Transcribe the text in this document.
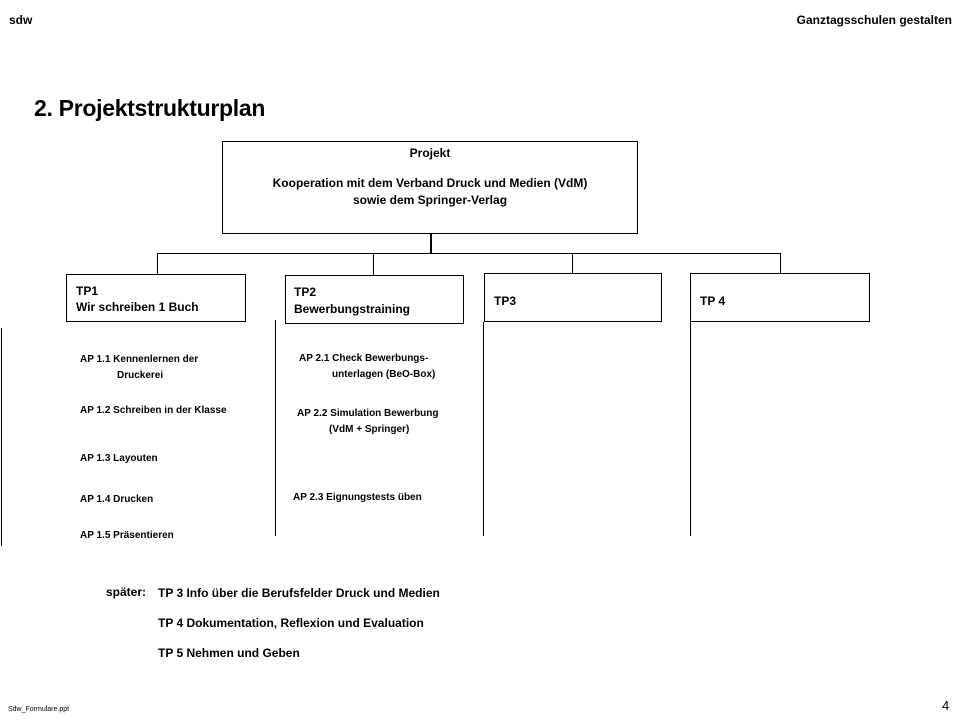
sdw	Ganztagsschulen gestalten
2. Projektstrukturplan
Projekt
Kooperation mit dem Verband Druck und Medien (VdM)
sowie dem Springer-Verlag
TP1
Wir schreiben 1 Buch
TP2
Bewerbungstraining
TP3	TP 4
AP 1.1 Kennenlernen der
Druckerei
AP 1.2 Schreiben in der Klasse
AP 1.3 Layouten
AP 1.4 Drucken
AP 1.5 Präsentieren
AP 2.1 Check Bewerbungs-
unterlagen (BeO-Box)
AP 2.2 Simulation Bewerbung
(VdM + Springer)
AP 2.3 Eignungstests üben
später: TP 3 Info über die Berufsfelder Druck und Medien
TP 4 Dokumentation, Reflexion und Evaluation
TP 5 Nehmen und Geben
Sdw_Formulare.ppt	4
